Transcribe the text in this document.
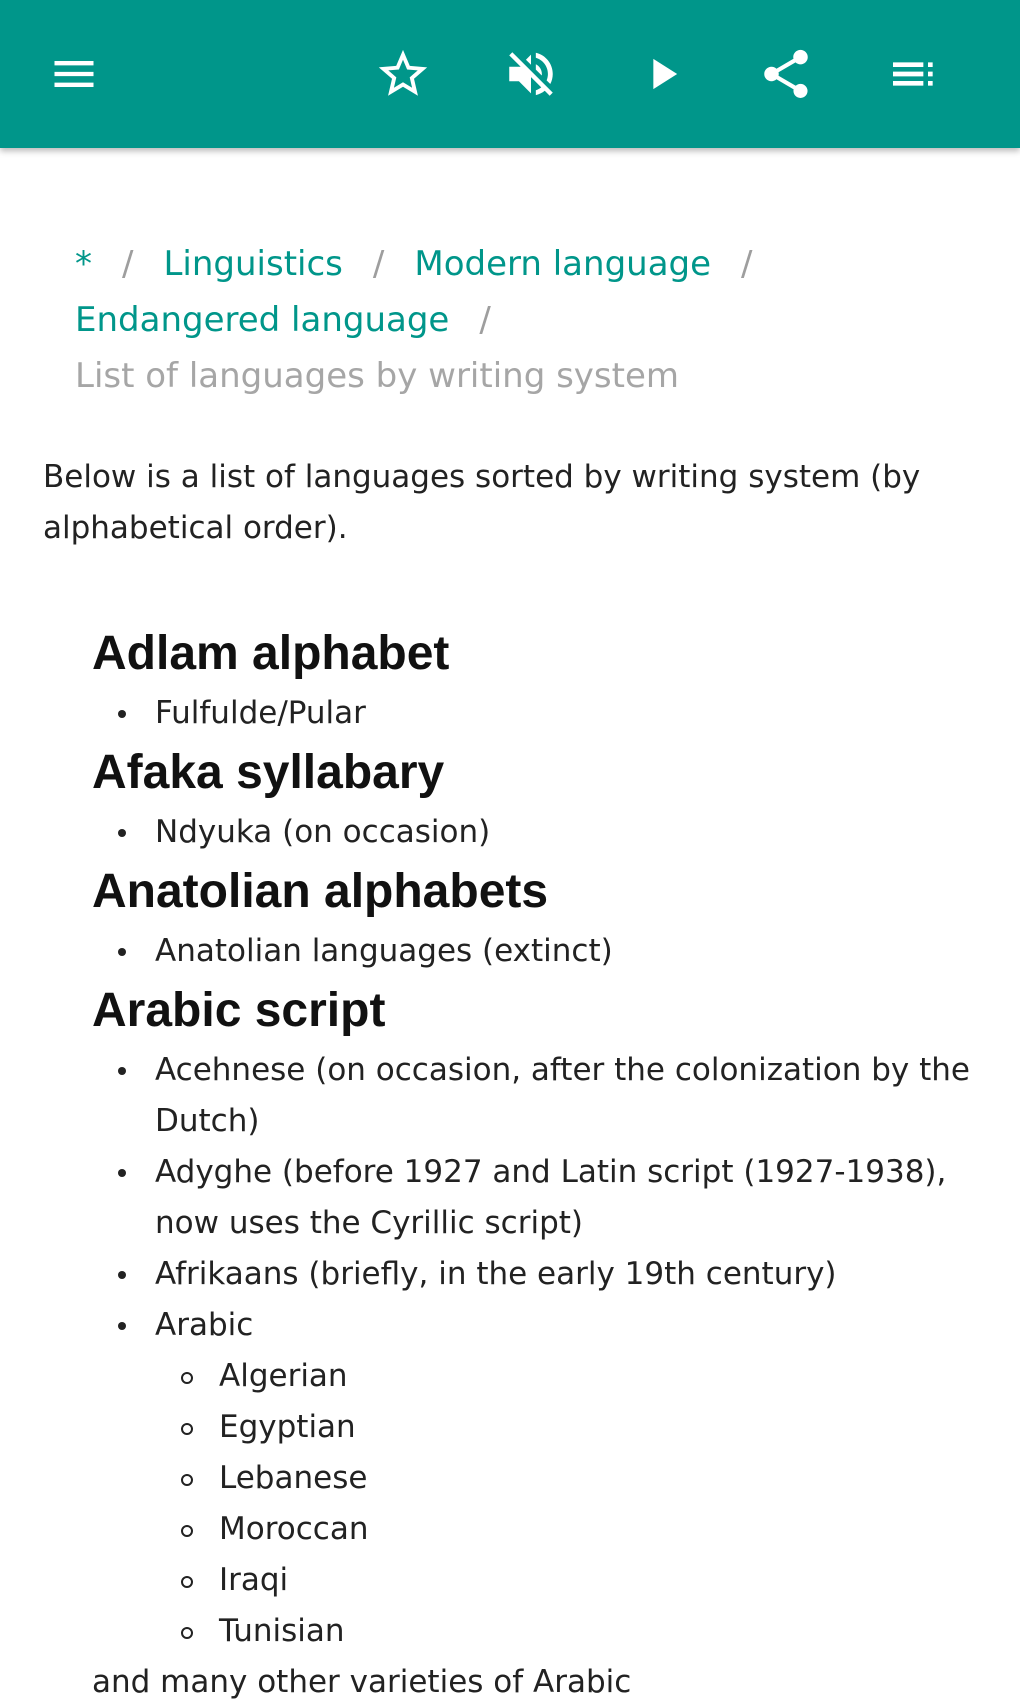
* / Linguistics / Modern language /
Endangered language /
List of languages by writing system

Below is a list of languages sorted by writing system (by alphabetical order).

Adlam alphabet
Fulfulde/Pular
Afaka syllabary
Ndyuka (on occasion)
Anatolian alphabets
Anatolian languages (extinct)
Arabic script
Acehnese (on occasion, after the colonization by the Dutch)
Adyghe (before 1927 and Latin script (1927-1938), now uses the Cyrillic script)
Afrikaans (briefly, in the early 19th century)
Arabic
Algerian
Egyptian
Lebanese
Moroccan
Iraqi
Tunisian
and many other varieties of Arabic
